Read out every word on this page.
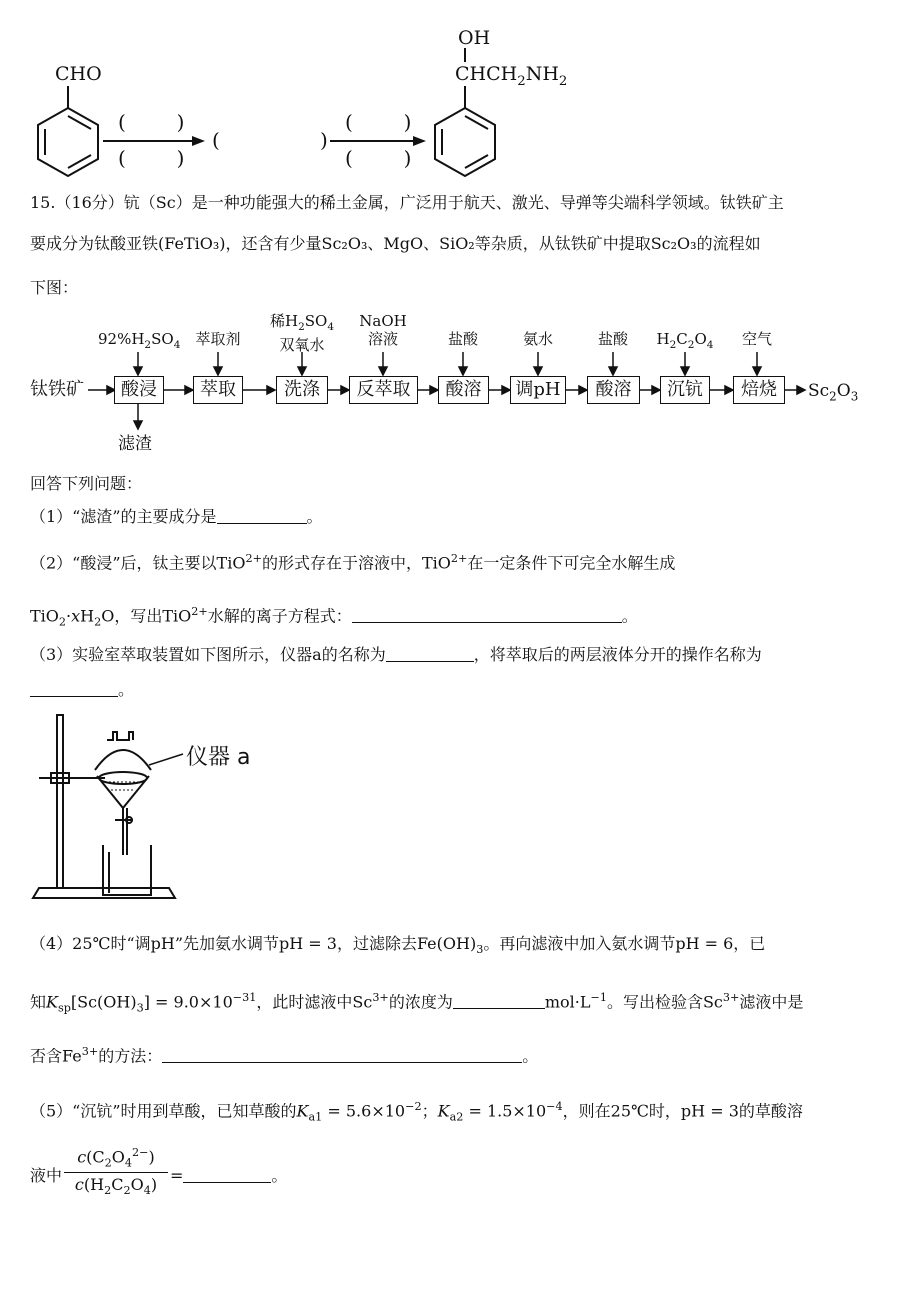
CHO
OH
$CHCH_2NH_2$
(        )
(        )
(	)
(        )
(        )
15.（16分）钪（Sc）是一种功能强大的稀土金属，广泛用于航天、激光、导弹等尖端科学领域。钛铁矿主
要成分为钛酸亚铁(FeTiO₃)，还含有少量Sc₂O₃、MgO、SiO₂等杂质，从钛铁矿中提取Sc₂O₃的流程如
下图：
钛铁矿	$Sc_2O_3$
滤渣
酸浸	萃取	洗涤	反萃取	酸溶	调pH	酸溶	沉钪	焙烧
$92\%H_2SO_4$	萃取剂
稀$H_2SO_4$
双氧水
NaOH
溶液	盐酸	氨水	盐酸	$H_2C_2O_4$	空气
回答下列问题：
（1）“滤渣”的主要成分是	。
（2）“酸浸”后，钛主要以TiO$^{2+}$的形式存在于溶液中，TiO$^{2+}$在一定条件下可完全水解生成
$TiO_2\cdot xH_2O$，写出TiO$^{2+}$水解的离子方程式：	。
（3）实验室萃取装置如下图所示，仪器a的名称为	，将萃取后的两层液体分开的操作名称为
。
仪器 a
（4）25℃时“调pH”先加氨水调节pH = 3，过滤除去$Fe(OH)_3$。再向滤液中加入氨水调节pH = 6，已
知$K_{sp}[Sc(OH)_3] = 9.0\times 10^{-31}$，此时滤液中$Sc^{3+}$的浓度为	$mol\cdot L^{-1}$。写出检验含$Sc^{3+}$滤液中是
否含$Fe^{3+}$的方法：	。
（5）“沉钪”时用到草酸，已知草酸的$K_{a1} = 5.6\times 10^{-2}$；$K_{a2} = 1.5\times 10^{-4}$，则在25℃时，pH = 3的草酸溶
液中 $\frac{c(C_2O_4^{2-})}{c(H_2C_2O_4)}$ =	。
